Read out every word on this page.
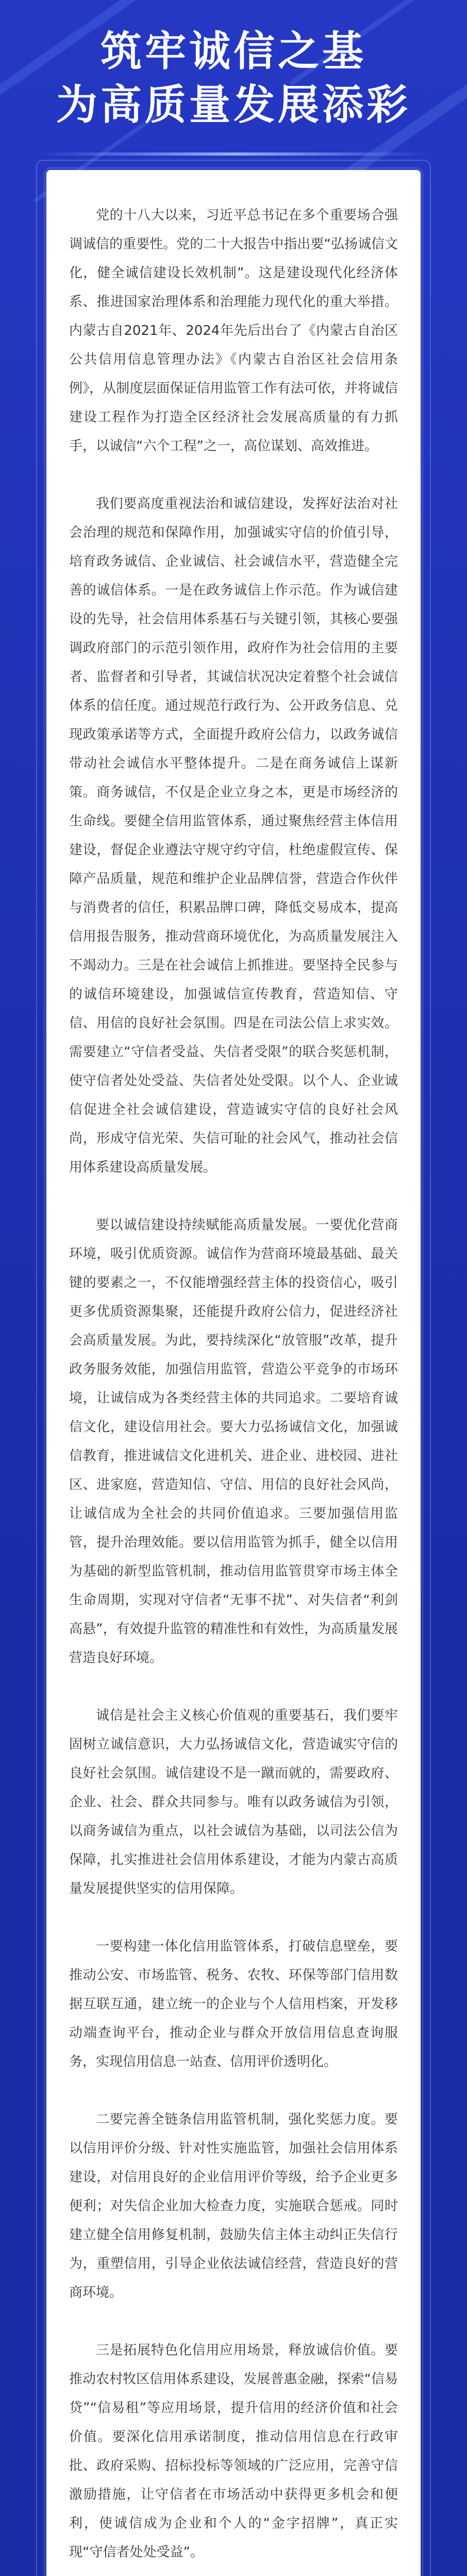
筑牢诚信之基
为高质量发展添彩

党的十八大以来，习近平总书记在多个重要场合强调诚信的重要性。党的二十大报告中指出要“弘扬诚信文化，健全诚信建设长效机制”。这是建设现代化经济体系、推进国家治理体系和治理能力现代化的重大举措。内蒙古自2021年、2024年先后出台了《内蒙古自治区公共信用信息管理办法》《内蒙古自治区社会信用条例》，从制度层面保证信用监管工作有法可依，并将诚信建设工程作为打造全区经济社会发展高质量的有力抓手，以诚信“六个工程”之一，高位谋划、高效推进。

我们要高度重视法治和诚信建设，发挥好法治对社会治理的规范和保障作用，加强诚实守信的价值引导，培育政务诚信、企业诚信、社会诚信水平，营造健全完善的诚信体系。一是在政务诚信上作示范。作为诚信建设的先导，社会信用体系基石与关键引领，其核心要强调政府部门的示范引领作用，政府作为社会信用的主要者、监督者和引导者，其诚信状况决定着整个社会诚信体系的信任度。通过规范行政行为、公开政务信息、兑现政策承诺等方式，全面提升政府公信力，以政务诚信带动社会诚信水平整体提升。二是在商务诚信上谋新策。商务诚信，不仅是企业立身之本，更是市场经济的生命线。要健全信用监管体系，通过聚焦经营主体信用建设，督促企业遵法守规守约守信，杜绝虚假宣传、保障产品质量，规范和维护企业品牌信誉，营造合作伙伴与消费者的信任，积累品牌口碑，降低交易成本，提高信用报告服务，推动营商环境优化，为高质量发展注入不竭动力。三是在社会诚信上抓推进。要坚持全民参与的诚信环境建设，加强诚信宣传教育，营造知信、守信、用信的良好社会氛围。四是在司法公信上求实效。需要建立“守信者受益、失信者受限”的联合奖惩机制，使守信者处处受益、失信者处处受限。以个人、企业诚信促进全社会诚信建设，营造诚实守信的良好社会风尚，形成守信光荣、失信可耻的社会风气，推动社会信用体系建设高质量发展。

要以诚信建设持续赋能高质量发展。一要优化营商环境，吸引优质资源。诚信作为营商环境最基础、最关键的要素之一，不仅能增强经营主体的投资信心，吸引更多优质资源集聚，还能提升政府公信力，促进经济社会高质量发展。为此，要持续深化“放管服”改革，提升政务服务效能，加强信用监管，营造公平竞争的市场环境，让诚信成为各类经营主体的共同追求。二要培育诚信文化，建设信用社会。要大力弘扬诚信文化，加强诚信教育，推进诚信文化进机关、进企业、进校园、进社区、进家庭，营造知信、守信、用信的良好社会风尚，让诚信成为全社会的共同价值追求。三要加强信用监管，提升治理效能。要以信用监管为抓手，健全以信用为基础的新型监管机制，推动信用监管贯穿市场主体全生命周期，实现对守信者“无事不扰”、对失信者“利剑高悬”，有效提升监管的精准性和有效性，为高质量发展营造良好环境。

诚信是社会主义核心价值观的重要基石，我们要牢固树立诚信意识，大力弘扬诚信文化，营造诚实守信的良好社会氛围。诚信建设不是一蹴而就的，需要政府、企业、社会、群众共同参与。唯有以政务诚信为引领，以商务诚信为重点，以社会诚信为基础，以司法公信为保障，扎实推进社会信用体系建设，才能为内蒙古高质量发展提供坚实的信用保障。

一要构建一体化信用监管体系，打破信息壁垒，要推动公安、市场监管、税务、农牧、环保等部门信用数据互联互通，建立统一的企业与个人信用档案，开发移动端查询平台，推动企业与群众开放信用信息查询服务，实现信用信息一站查、信用评价透明化。

二要完善全链条信用监管机制，强化奖惩力度。要以信用评价分级、针对性实施监管，加强社会信用体系建设，对信用良好的企业信用评价等级，给予企业更多便利；对失信企业加大检查力度，实施联合惩戒。同时建立健全信用修复机制，鼓励失信主体主动纠正失信行为，重塑信用，引导企业依法诚信经营，营造良好的营商环境。

三是拓展特色化信用应用场景，释放诚信价值。要推动农村牧区信用体系建设，发展普惠金融，探索“信易贷”“信易租”等应用场景，提升信用的经济价值和社会价值。要深化信用承诺制度，推动信用信息在行政审批、政府采购、招标投标等领域的广泛应用，完善守信激励措施，让守信者在市场活动中获得更多机会和便利，使诚信成为企业和个人的“金字招牌”，真正实现“守信者处处受益”。
